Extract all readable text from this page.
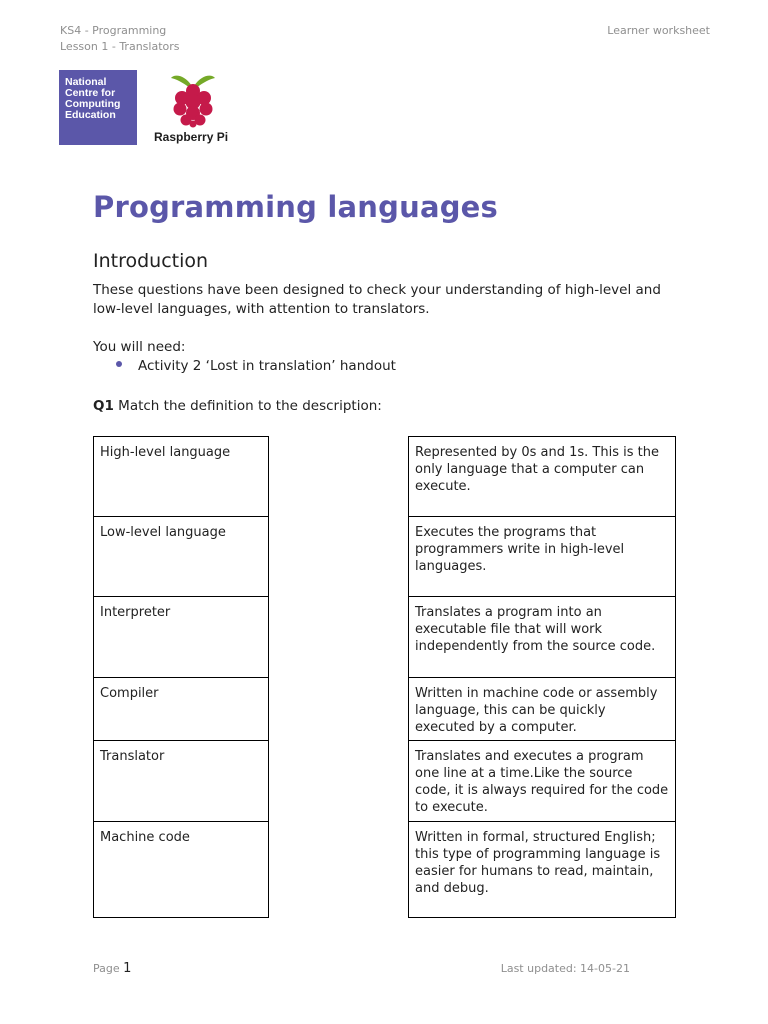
KS4 - Programming
Lesson 1 - Translators
Learner worksheet
National
Centre for
Computing
Education
Raspberry Pi
Programming languages
Introduction

These questions have been designed to check your understanding of high-level and low-level languages, with attention to translators.

You will need:

Activity 2 ‘Lost in translation’ handout

Q1 Match the definition to the description:

High-level language
Low-level language
Interpreter
Compiler
Translator
Machine code
Represented by 0s and 1s. This is the only language that a computer can execute.
Executes the programs that programmers write in high-level languages.
Translates a program into an executable file that will work independently from the source code.
Written in machine code or assembly language, this can be quickly executed by a computer.
Translates and executes a program one line at a time.Like the source code, it is always required for the code to execute.
Written in formal, structured English; this type of programming language is easier for humans to read, maintain, and debug.
Page 1	Last updated: 14-05-21
